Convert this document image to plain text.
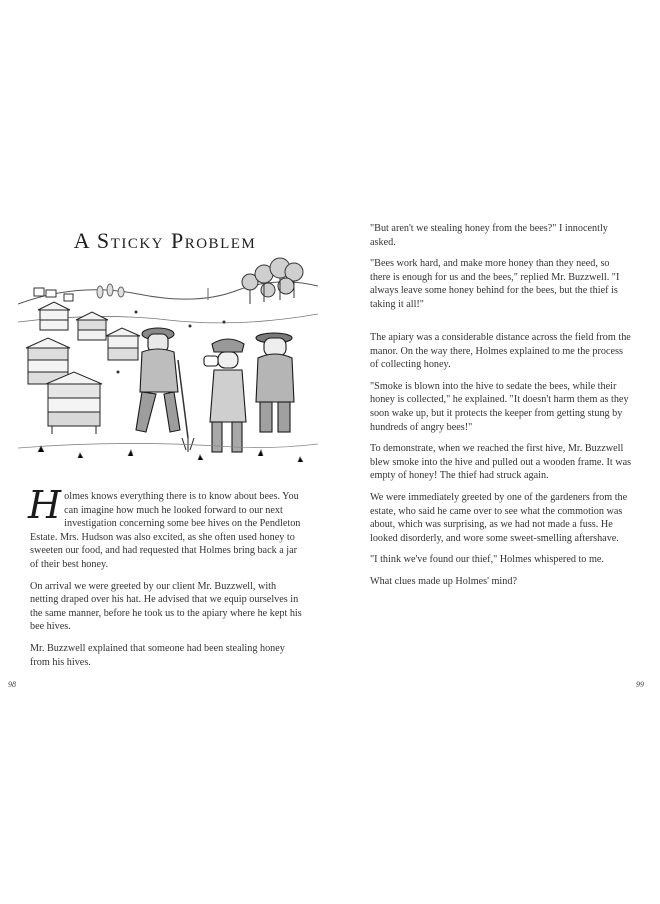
A Sticky Problem

Holmes knows everything there is to know about bees. You can imagine how much he looked forward to our next investigation concerning some bee hives on the Pendleton Estate. Mrs. Hudson was also excited, as she often used honey to sweeten our food, and had requested that Holmes bring back a jar of their best honey.

On arrival we were greeted by our client Mr. Buzzwell, with netting draped over his hat. He advised that we equip ourselves in the same manner, before he took us to the apiary where he kept his bee hives.

Mr. Buzzwell explained that someone had been stealing honey from his hives.

98

"But aren't we stealing honey from the bees?" I innocently asked.

"Bees work hard, and make more honey than they need, so there is enough for us and the bees," replied Mr. Buzzwell. "I always leave some honey behind for the bees, but the thief is taking it all!"

The apiary was a considerable distance across the field from the manor. On the way there, Holmes explained to me the process of collecting honey.

"Smoke is blown into the hive to sedate the bees, while their honey is collected," he explained. "It doesn't harm them as they soon wake up, but it protects the keeper from getting stung by hundreds of angry bees!"

To demonstrate, when we reached the first hive, Mr. Buzzwell blew smoke into the hive and pulled out a wooden frame. It was empty of honey! The thief had struck again.

We were immediately greeted by one of the gardeners from the estate, who said he came over to see what the commotion was about, which was surprising, as we had not made a fuss. He looked disorderly, and wore some sweet-smelling aftershave.

"I think we've found our thief," Holmes whispered to me.

What clues made up Holmes' mind?

99
